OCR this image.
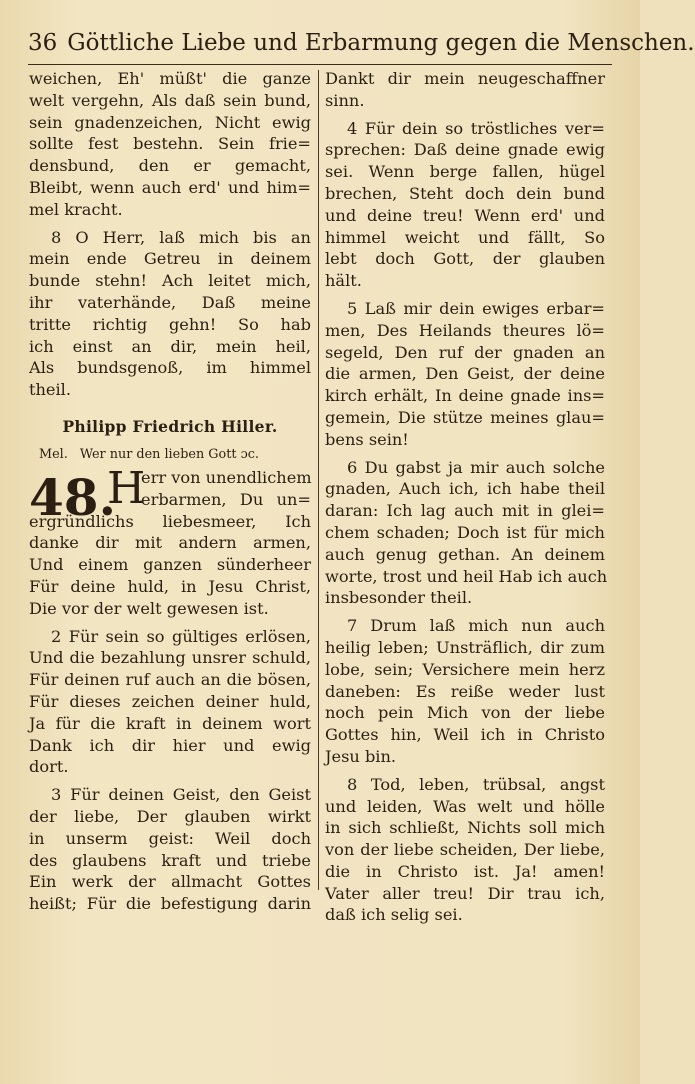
36 Göttliche Liebe und Erbarmung gegen die Menschen.
weichen, Eh' müßt' die ganze
welt vergehn, Als daß sein bund,
sein gnadenzeichen, Nicht ewig
sollte fest bestehn. Sein frie=
densbund, den er gemacht,
Bleibt, wenn auch erd' und him=
mel kracht.
8 O Herr, laß mich bis an
mein ende Getreu in deinem
bunde stehn! Ach leitet mich,
ihr vaterhände, Daß meine
tritte richtig gehn! So hab
ich einst an dir, mein heil,
Als bundsgenoß, im himmel
theil.
Philipp Friedrich Hiller.
Mel. Wer nur den lieben Gott ɔc.
48.
H
err von unendlichem
erbarmen, Du un=
ergründlichs liebesmeer, Ich
danke dir mit andern armen,
Und einem ganzen sünderheer
Für deine huld, in Jesu Christ,
Die vor der welt gewesen ist.
2 Für sein so gültiges erlösen,
Und die bezahlung unsrer schuld,
Für deinen ruf auch an die bösen,
Für dieses zeichen deiner huld,
Ja für die kraft in deinem wort
Dank ich dir hier und ewig
dort.
3 Für deinen Geist, den Geist
der liebe, Der glauben wirkt
in unserm geist: Weil doch
des glaubens kraft und triebe
Ein werk der allmacht Gottes
heißt; Für die befestigung darin
Dankt dir mein neugeschaffner
sinn.
4 Für dein so tröstliches ver=
sprechen: Daß deine gnade ewig
sei. Wenn berge fallen, hügel
brechen, Steht doch dein bund
und deine treu! Wenn erd' und
himmel weicht und fällt, So
lebt doch Gott, der glauben
hält.
5 Laß mir dein ewiges erbar=
men, Des Heilands theures lö=
segeld, Den ruf der gnaden an
die armen, Den Geist, der deine
kirch erhält, In deine gnade ins=
gemein, Die stütze meines glau=
bens sein!
6 Du gabst ja mir auch solche
gnaden, Auch ich, ich habe theil
daran: Ich lag auch mit in glei=
chem schaden; Doch ist für mich
auch genug gethan. An deinem
worte, trost und heil Hab ich auch
insbesonder theil.
7 Drum laß mich nun auch
heilig leben; Unsträflich, dir zum
lobe, sein; Versichere mein herz
daneben: Es reiße weder lust
noch pein Mich von der liebe
Gottes hin, Weil ich in Christo
Jesu bin.
8 Tod, leben, trübsal, angst
und leiden, Was welt und hölle
in sich schließt, Nichts soll mich
von der liebe scheiden, Der liebe,
die in Christo ist. Ja! amen!
Vater aller treu! Dir trau ich,
daß ich selig sei.
